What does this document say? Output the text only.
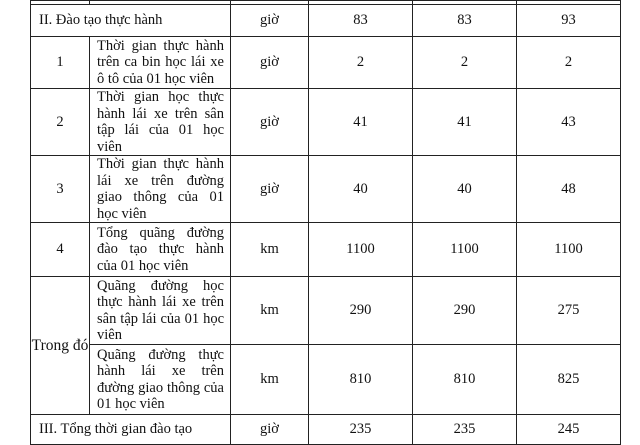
II. Đào tạo thực hành		giờ	83	83	93
1	Thời gian thực hành trên ca bin học lái xe ô tô của 01 học viên	giờ	2	2	2
2	Thời gian học thực hành lái xe trên sân tập lái của 01 học viên	giờ	41	41	43
3	Thời gian thực hành lái xe trên đường giao thông của 01 học viên	giờ	40	40	48
4	Tổng quãng đường đào tạo thực hành của 01 học viên	km	1100	1100	1100
Trong đó	Quãng đường học thực hành lái xe trên sân tập lái của 01 học viên	km	290	290	275
	Quãng đường thực hành lái xe trên đường giao thông của 01 học viên	km	810	810	825
III. Tổng thời gian đào tạo		giờ	235	235	245
